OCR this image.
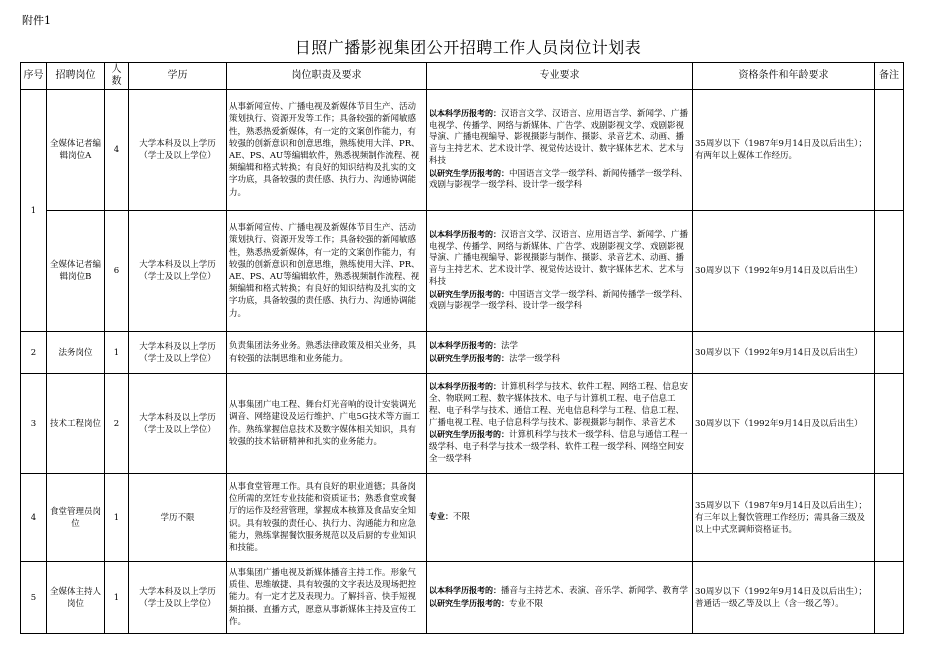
附件1
日照广播影视集团公开招聘工作人员岗位计划表
序号	招聘岗位	人数	学历	岗位职责及要求	专业要求	资格条件和年龄要求	备注
1	全媒体记者编辑岗位A	4	大学本科及以上学历（学士及以上学位）	从事新闻宣传、广播电视及新媒体节目生产、活动策划执行、资源开发等工作；具备较强的新闻敏感性，熟悉热爱新媒体，有一定的文案创作能力，有较强的创新意识和创意思维，熟练使用大洋、PR、AE、PS、AU等编辑软件，熟悉视频制作流程、视频编辑和格式转换；有良好的知识结构及扎实的文字功底，具备较强的责任感、执行力、沟通协调能力。	以本科学历报考的：汉语言文学、汉语言、应用语言学、新闻学、广播电视学、传播学、网络与新媒体、广告学、戏剧影视文学、戏剧影视导演、广播电视编导、影视摄影与制作、摄影、录音艺术、动画、播音与主持艺术、艺术设计学、视觉传达设计、数字媒体艺术、艺术与科技
以研究生学历报考的：中国语言文学一级学科、新闻传播学一级学科、戏剧与影视学一级学科、设计学一级学科	35周岁以下（1987年9月14日及以后出生）；有两年以上媒体工作经历。	
	全媒体记者编辑岗位B	6	大学本科及以上学历（学士及以上学位）	从事新闻宣传、广播电视及新媒体节目生产、活动策划执行、资源开发等工作；具备较强的新闻敏感性，熟悉热爱新媒体，有一定的文案创作能力，有较强的创新意识和创意思维，熟练使用大洋、PR、AE、PS、AU等编辑软件，熟悉视频制作流程、视频编辑和格式转换；有良好的知识结构及扎实的文字功底，具备较强的责任感、执行力、沟通协调能力。	以本科学历报考的：汉语言文学、汉语言、应用语言学、新闻学、广播电视学、传播学、网络与新媒体、广告学、戏剧影视文学、戏剧影视导演、广播电视编导、影视摄影与制作、摄影、录音艺术、动画、播音与主持艺术、艺术设计学、视觉传达设计、数字媒体艺术、艺术与科技
以研究生学历报考的：中国语言文学一级学科、新闻传播学一级学科、戏剧与影视学一级学科、设计学一级学科	30周岁以下（1992年9月14日及以后出生）	
2	法务岗位	1	大学本科及以上学历（学士及以上学位）	负责集团法务业务。熟悉法律政策及相关业务，具有较强的法制思维和业务能力。	以本科学历报考的：法学
以研究生学历报考的：法学一级学科	30周岁以下（1992年9月14日及以后出生）	
3	技术工程岗位	2	大学本科及以上学历（学士及以上学位）	从事集团广电工程、舞台灯光音响的设计安装调光调音、网络建设及运行维护、广电5G技术等方面工作。熟练掌握信息技术及数字媒体相关知识，具有较强的技术钻研精神和扎实的业务能力。	以本科学历报考的：计算机科学与技术、软件工程、网络工程、信息安全、物联网工程、数字媒体技术、电子与计算机工程、电子信息工程、电子科学与技术、通信工程、光电信息科学与工程、信息工程、广播电视工程、电子信息科学与技术、影视摄影与制作、录音艺术
以研究生学历报考的：计算机科学与技术一级学科、信息与通信工程一级学科、电子科学与技术一级学科、软件工程一级学科、网络空间安全一级学科	30周岁以下（1992年9月14日及以后出生）	
4	食堂管理员岗位	1	学历不限	从事食堂管理工作。具有良好的职业道德；具备岗位所需的烹饪专业技能和资质证书；熟悉食堂或餐厅的运作及经营管理，掌握成本核算及食品安全知识。具有较强的责任心、执行力、沟通能力和应急能力，熟练掌握餐饮服务规范以及后厨的专业知识和技能。	专业：不限	35周岁以下（1987年9月14日及以后出生）；有三年以上餐饮管理工作经历；需具备三级及以上中式烹调师资格证书。	
5	全媒体主持人岗位	1	大学本科及以上学历（学士及以上学位）	从事集团广播电视及新媒体播音主持工作。形象气质佳、思维敏捷、具有较强的文字表达及现场把控能力。有一定才艺及表现力。了解抖音、快手短视频拍摄、直播方式，愿意从事新媒体主持及宣传工作。	以本科学历报考的：播音与主持艺术、表演、音乐学、新闻学、教育学
以研究生学历报考的：专业不限	30周岁以下（1992年9月14日及以后出生）；普通话一级乙等及以上（含一级乙等）。	
